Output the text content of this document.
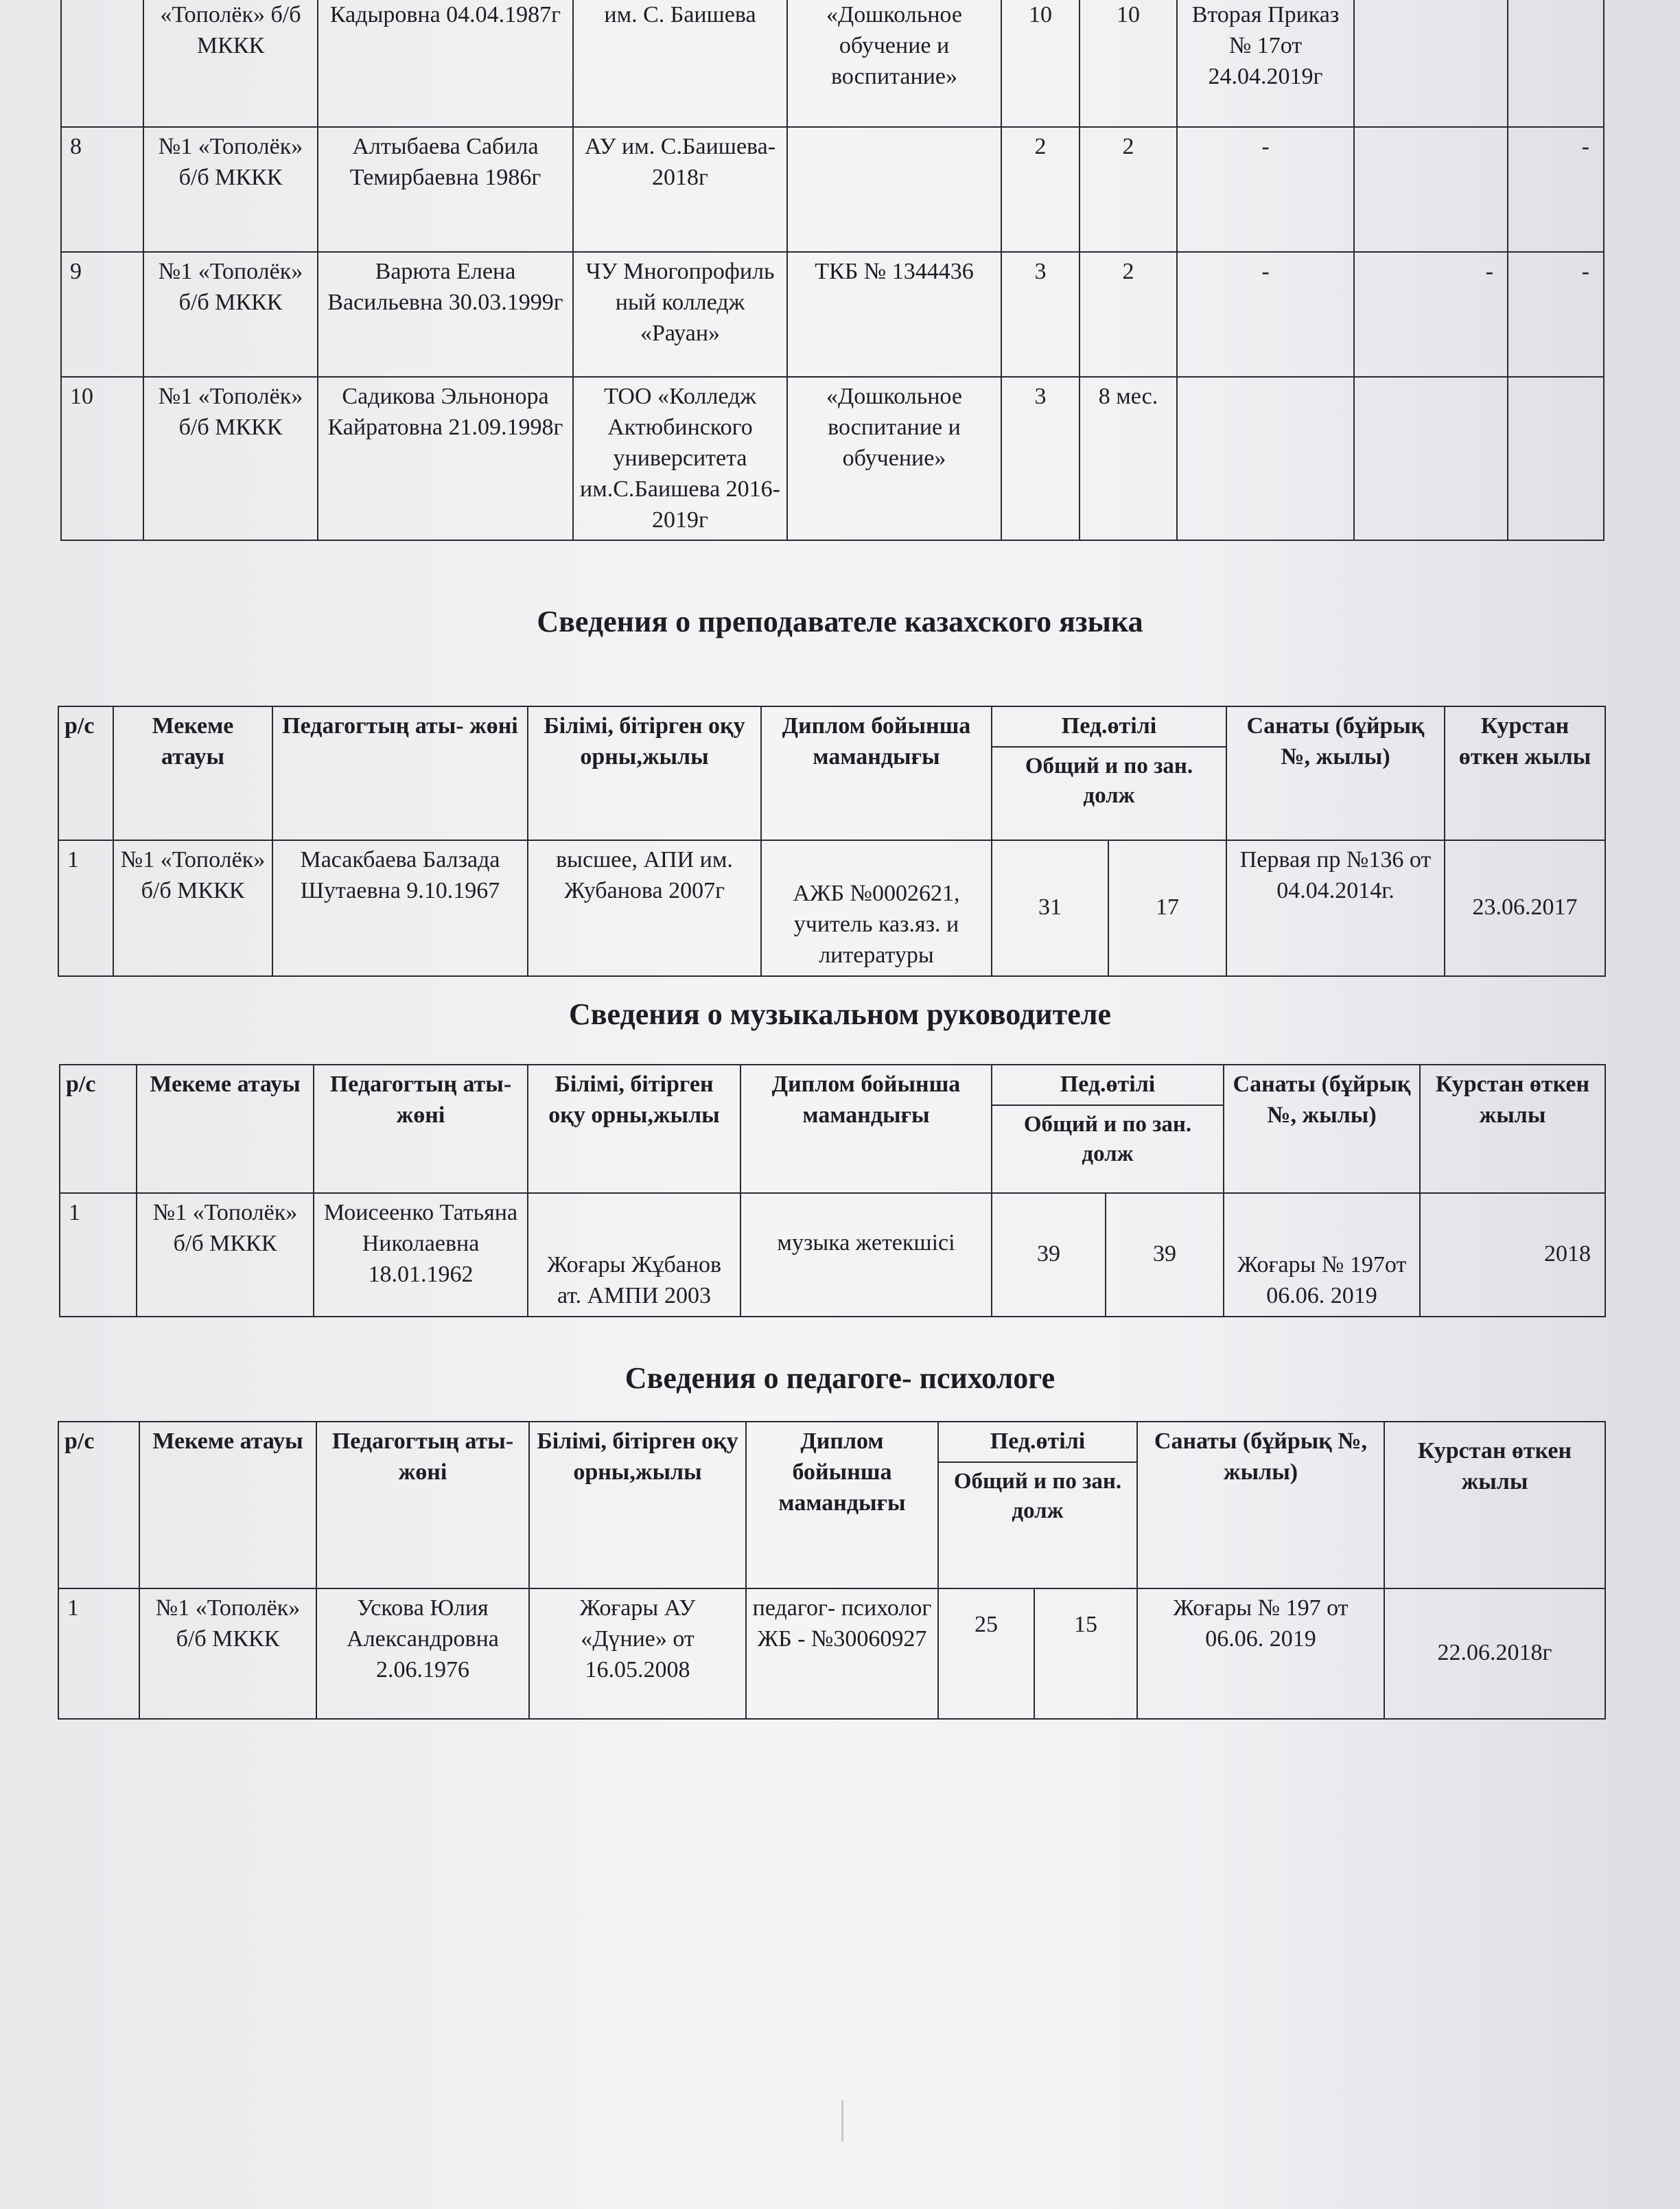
	«Тополёк» б/б МККК	Кадыровна 04.04.1987г	им. С. Баишева	«Дошкольное обучение и воспитание»	10	10	Вторая Приказ № 17от 24.04.2019г		
8	№1 «Тополёк» б/б МККК	Алтыбаева Сабила Темирбаевна 1986г	АУ им. С.Баишева- 2018г		2	2	-		-
9	№1 «Тополёк» б/б МККК	Варюта Елена Васильевна 30.03.1999г	ЧУ Многопрофиль ный колледж «Рауан»	ТКБ № 1344436	3	2	-	-	-
10	№1 «Тополёк» б/б МККК	Садикова Эльнонора Кайратовна 21.09.1998г	ТОО «Колледж Актюбинского университета им.С.Баишева 2016-2019г	«Дошкольное воспитание и обучение»	3	8 мес.			
Сведения о преподавателе казахского языка
р/с	Мекеме атауы	Педагогтың аты- жөні	Білімі, бітірген оқу орны,жылы	Диплом бойынша мамандығы	Пед.өтілі		Санаты (бұйрық №, жылы)	Курстан өткен жылы
					Общий и по зан. долж			
1	№1 «Тополёк» б/б МККК	Масакбаева Балзада Шутаевна 9.10.1967	высшее, АПИ им. Жубанова 2007г	АЖБ №0002621, учитель каз.яз. и литературы	31	17	Первая пр №136 от 04.04.2014г.	23.06.2017
Сведения о музыкальном руководителе
р/с	Мекеме атауы	Педагогтың аты- жөні	Білімі, бітірген оқу орны,жылы	Диплом бойынша мамандығы	Пед.өтілі		Санаты (бұйрық №, жылы)	Курстан өткен жылы
					Общий и по зан. долж			
1	№1 «Тополёк» б/б МККК	Моисеенко Татьяна Николаевна 18.01.1962	Жоғары Жұбанов ат. АМПИ 2003	музыка жетекшісі	39	39	Жоғары № 197от 06.06. 2019	2018
Сведения о педагоге- психологе
р/с	Мекеме атауы	Педагогтың аты- жөні	Білімі, бітірген оқу орны,жылы	Диплом бойынша мамандығы	Пед.өтілі		Санаты (бұйрық №, жылы)	Курстан өткен жылы
					Общий и по зан. долж			
1	№1 «Тополёк» б/б МККК	Ускова Юлия Александровна 2.06.1976	Жоғары АУ «Дүние» от 16.05.2008	педагог- психолог ЖБ - №30060927	25	15	Жоғары № 197 от 06.06. 2019	22.06.2018г
